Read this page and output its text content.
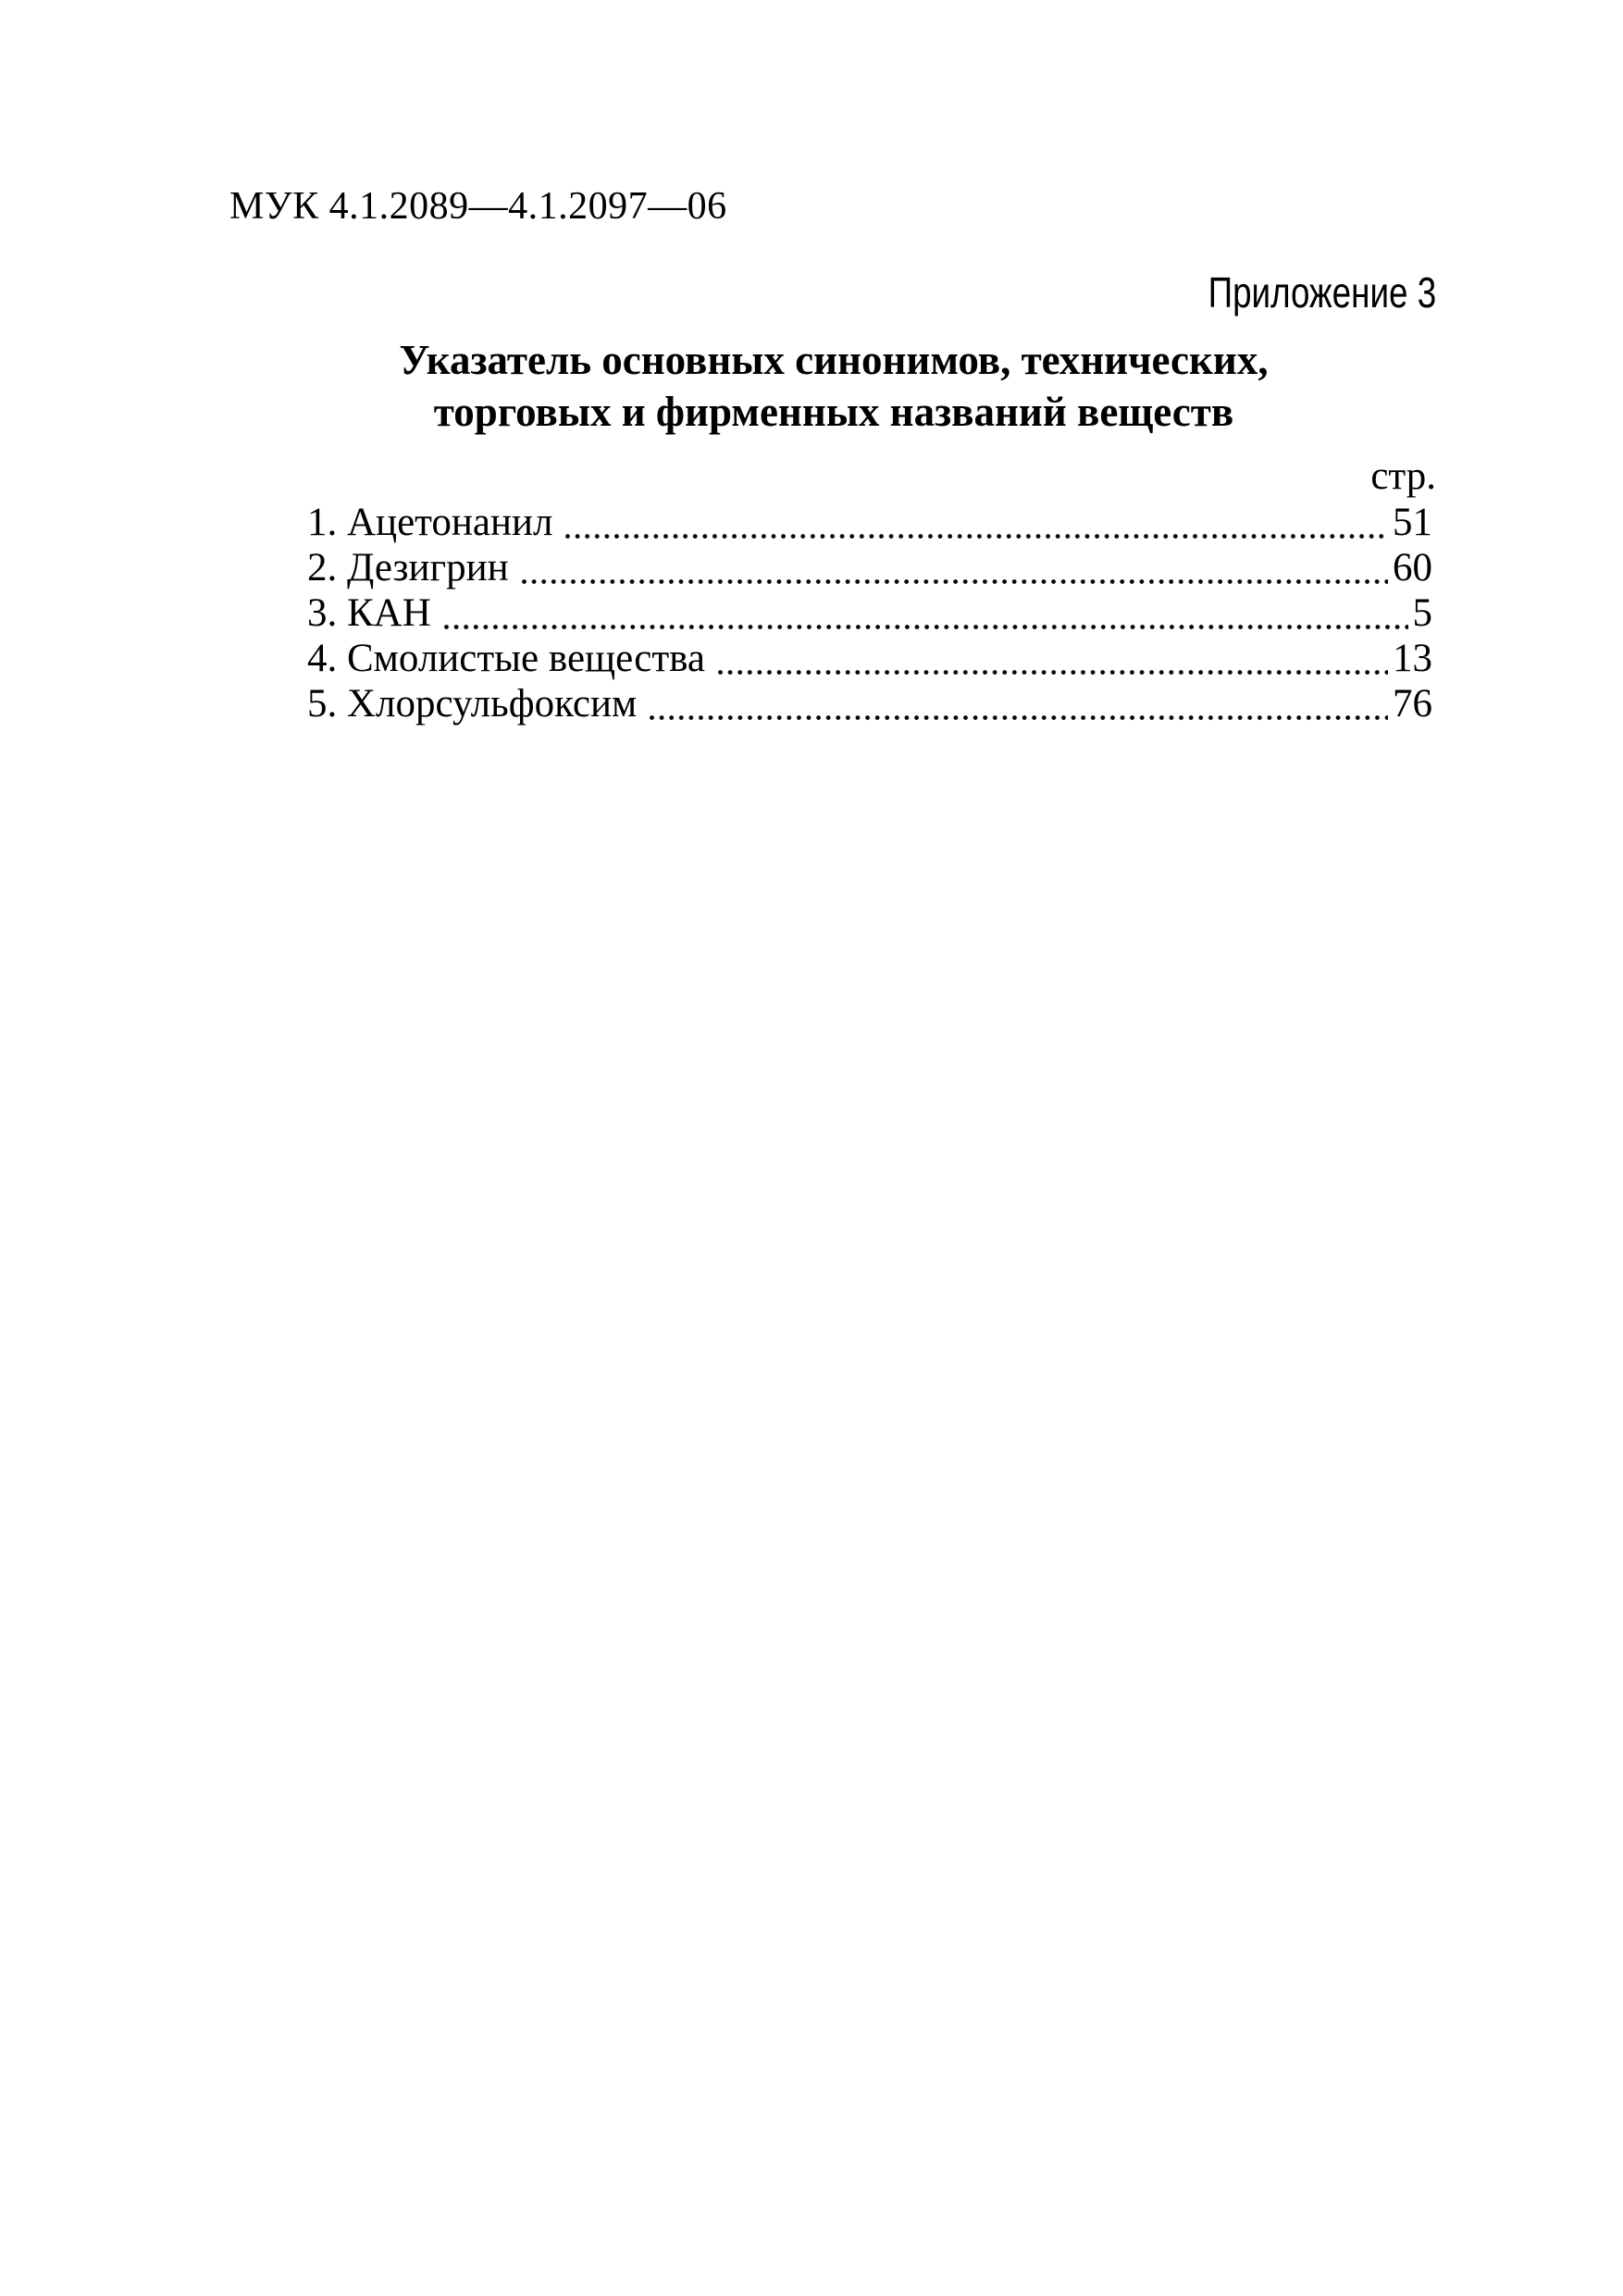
МУК 4.1.2089—4.1.2097—06
Приложение 3
Указатель основных синонимов, технических,
торговых и фирменных названий веществ
стр.
1. Ацетонанил	51
2. Дезигрин	60
3. КАН	5
4. Смолистые вещества	13
5. Хлорсульфоксим	76
